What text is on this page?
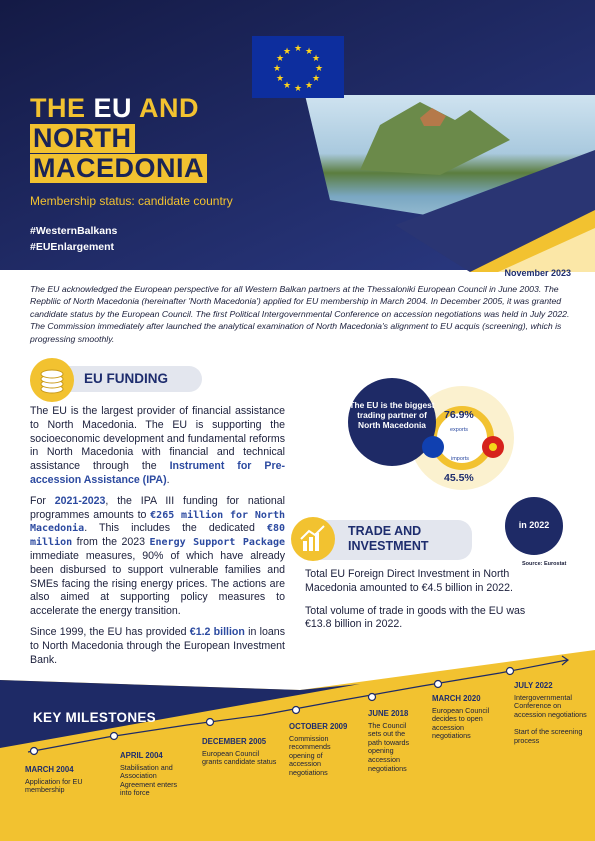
★ ★
★
★
★
★
★
★
★
★
★
★
THE EU AND
NORTH
MACEDONIA
Membership status: candidate country
#WesternBalkans
#EUEnlargement
November 2023

The EU acknowledged the European perspective for all Western Balkan partners at the Thessaloniki European Council in June 2003. The Repbliic of North Macedonia (hereinafter 'North Macedonia') applied for EU membership in March 2004. In December 2005, it was granted candidate status by the European Council. The first Political Intergovernmental Conference on accession negotiations was held in July 2022. The Commission immediately after launched the analytical examination of North Macedonia's alignment to EU acquis (screening), which is progressing smoothly.

EU FUNDING

The EU is the largest provider of financial assistance to North Macedonia. The EU is supporting the socioeconomic development and fundamental reforms in North Macedonia with financial and technical assistance through the Instrument for Pre-accession Assistance (IPA).

For 2021-2023, the IPA III funding for national programmes amounts to €265 million for North Macedonia. This includes the dedicated €80 million from the 2023 Energy Support Package immediate measures, 90% of which have already been disbursed to support vulnerable families and SMEs facing the rising energy prices. The actions are also aimed at supporting policy measures to accelerate the energy transition.

Since 1999, the EU has provided €1.2 billion in loans to North Macedonia through the European Investment Bank.

The EU is the biggest trading partner of North Macedonia
76.9%
exports
imports
45.5%
in 2022
Source: Eurostat
TRADE AND
INVESTMENT

Total EU Foreign Direct Investment in North Macedonia amounted to €4.5 billion in 2022.

Total volume of trade in goods with the EU was €13.8 billion in 2022.

KEY MILESTONES
MARCH 2004
Application for EU membership
APRIL 2004
Stabilisation and Association Agreement enters into force
DECEMBER 2005
European Council grants candidate status
OCTOBER 2009
Commission recommends opening of accession negotiations
JUNE 2018
The Council sets out the path towards opening accession negotiations
MARCH 2020
European Council decides to open accession negotiations
JULY 2022
Intergovernmental Conference on accession negotiations

Start of the screening process
